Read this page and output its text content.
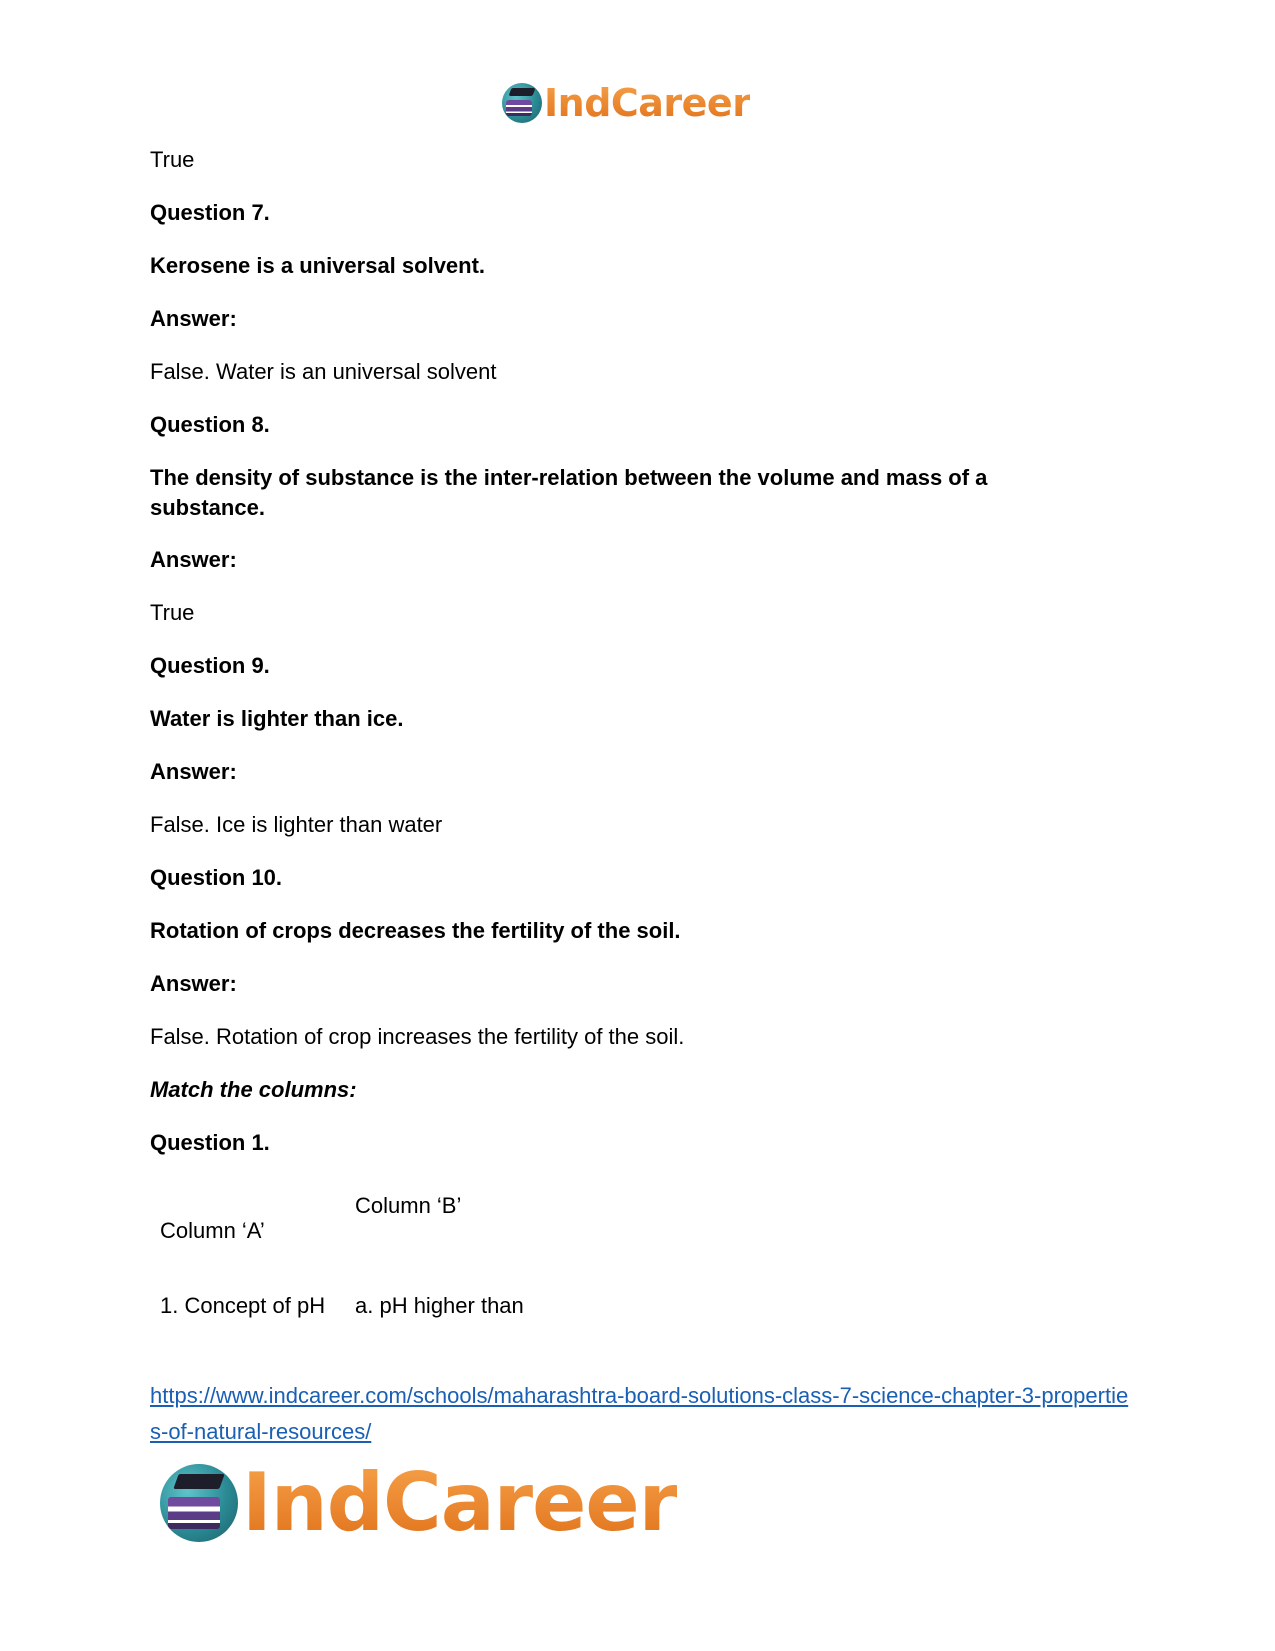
IndCareer

True

Question 7.

Kerosene is a universal solvent.

Answer:

False. Water is an universal solvent

Question 8.

The density of substance is the inter-relation between the volume and mass of a substance.

Answer:

True

Question 9.

Water is lighter than ice.

Answer:

False. Ice is lighter than water

Question 10.

Rotation of crops decreases the fertility of the soil.

Answer:

False. Rotation of crop increases the fertility of the soil.

Match the columns:

Question 1.

Column ‘A’

Column ‘B’

1. Concept of pH a. pH higher than

https://www.indcareer.com/schools/maharashtra-board-solutions-class-7-science-chapter-3-properties-of-natural-resources/
IndCareer
